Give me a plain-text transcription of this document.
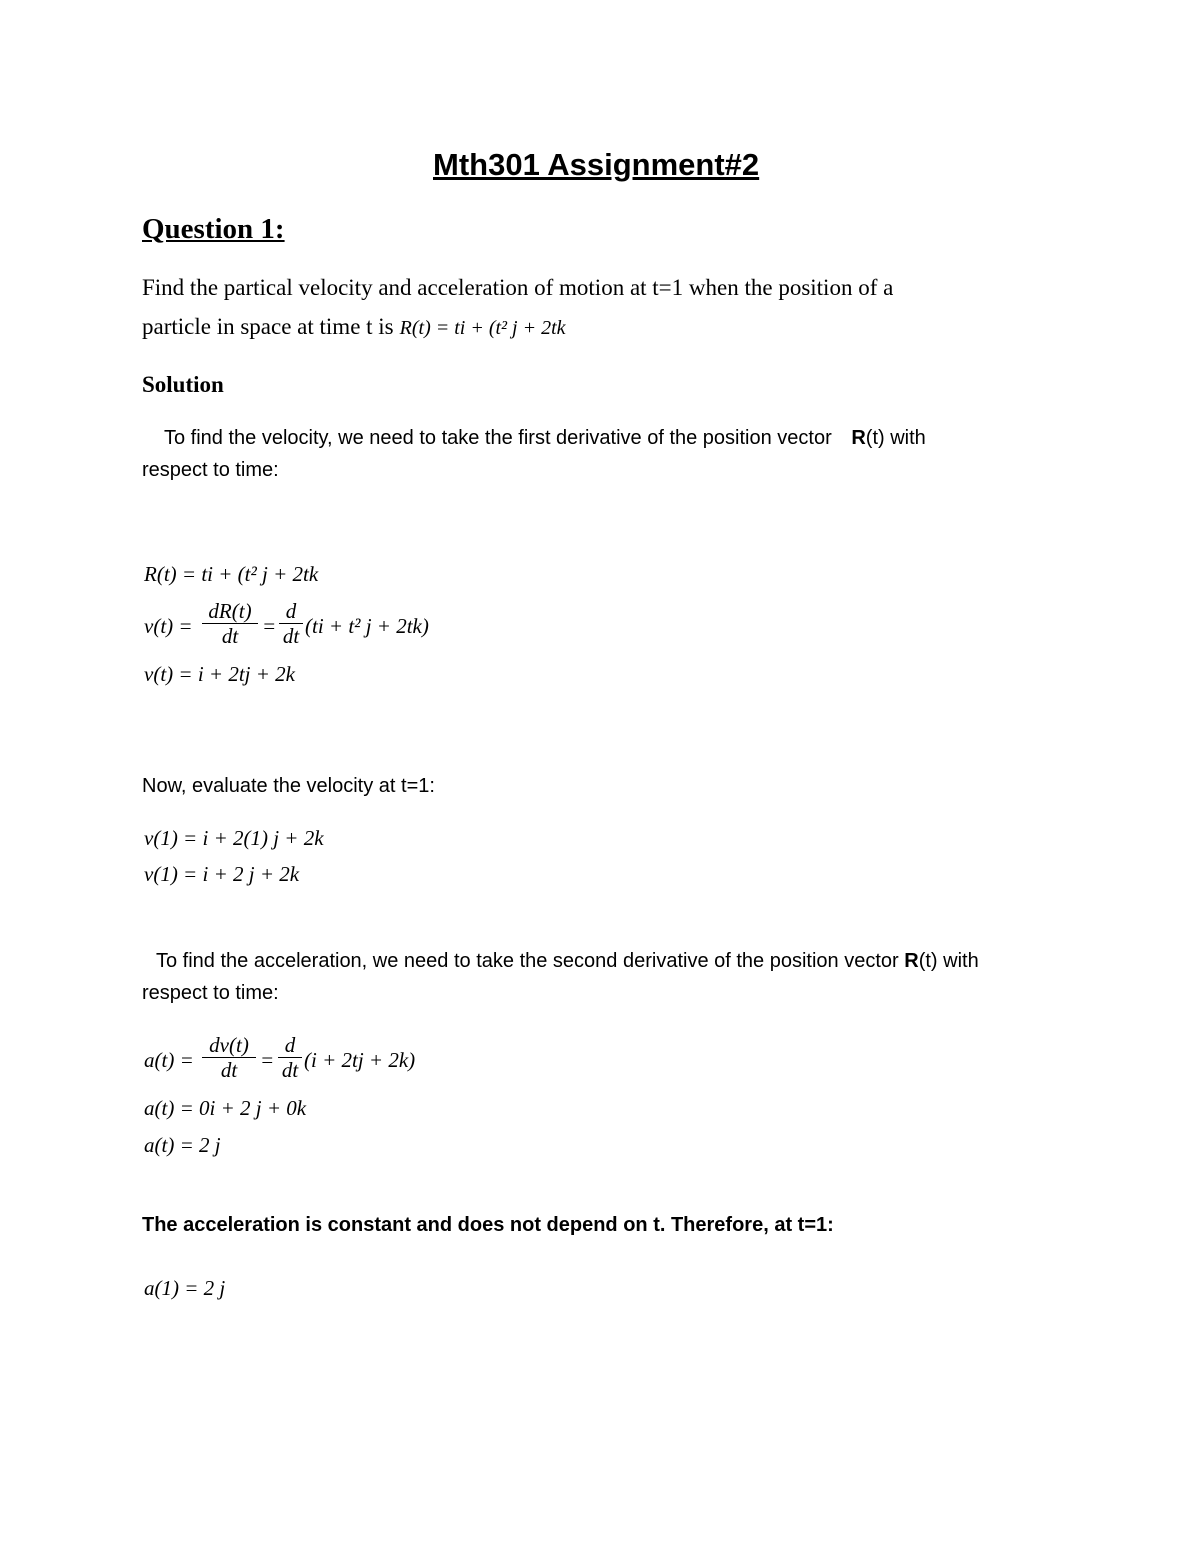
Mth301 Assignment#2
Question 1:
Find the partical velocity and acceleration of motion at t=1 when the position of a
particle in space at time t is R(t) = ti + (t² j + 2tk
Solution
To find the velocity, we need to take the first derivative of the position vector R(t) with
respect to time:
R(t) = ti + (t² j + 2tk
v(t) =
dR(t)
dt	=
d
dt (ti + t² j + 2tk)
v(t) = i + 2tj + 2k
Now, evaluate the velocity at t=1:
v(1) = i + 2(1) j + 2k
v(1) = i + 2 j + 2k
To find the acceleration, we need to take the second derivative of the position vector R(t) with
respect to time:
a(t) =
dv(t)
dt	=
d
dt (i + 2tj + 2k)
a(t) = 0i + 2 j + 0k
a(t) = 2 j
The acceleration is constant and does not depend on t. Therefore, at t=1:
a(1) = 2 j
